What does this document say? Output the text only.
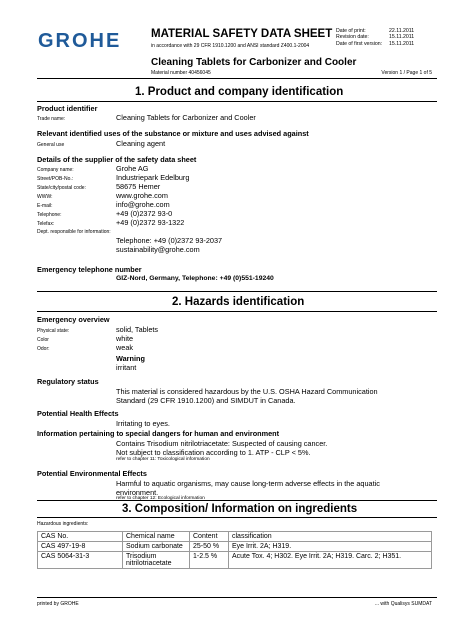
GROHE	MATERIAL SAFETY DATA SHEET
in accordance with 29 CFR 1910.1200 and ANSI standard Z400.1-2004
Date of print:	22.11.2011
Revision date:	15.11.2011
Date of first version:	15.11.2011
Cleaning Tablets for Carbonizer and Cooler
Material number 40456045	Version 1 / Page 1 of 5
1. Product and company identification
Product identifier
Trade name:	Cleaning Tablets for Carbonizer and Cooler
Relevant identified uses of the substance or mixture and uses advised against
General use	Cleaning agent
Details of the supplier of the safety data sheet
Company name:	Grohe AG
Street/POB-No.:	Industriepark Edelburg
State/city/postal code:	58675 Hemer
WWW:	www.grohe.com
E-mail:	info@grohe.com
Telephone:	+49 (0)2372 93-0
Telefax:	+49 (0)2372 93-1322
Dept. responsible for information:
Telephone: +49 (0)2372 93-2037
sustainability@grohe.com
Emergency telephone number
GIZ-Nord, Germany, Telephone: +49 (0)551-19240
2. Hazards identification
Emergency overview
Physical state:	solid, Tablets
Color	white
Odor:	weak
Warning
irritant
Regulatory status
This material is considered hazardous by the U.S. OSHA Hazard Communication
Standard (29 CFR 1910.1200) and SIMDUT in Canada.
Potential Health Effects
Irritating to eyes.
Information pertaining to special dangers for human and environment
Contains Trisodium nitrilotriacetate: Suspected of causing cancer.
Not subject to classification according to 1. ATP - CLP < 5%.
refer to chapter 11: Toxicological information
Potential Environmental Effects
Harmful to aquatic organisms, may cause long-term adverse effects in the aquatic
environment.
refer to chapter 12: Ecological information
3. Composition/ Information on ingredients
Hazardous ingredients:
CAS No.	Chemical name	Content	classification
CAS 497-19-8	Sodium carbonate	25-50 %	Eye Irrit. 2A; H319.
CAS 5064-31-3	Trisodium nitrilotriacetate	1-2.5 %	Acute Tox. 4; H302. Eye Irrit. 2A; H319. Carc. 2; H351.
printed by GROHE	... with Qualisys SUMDAT
